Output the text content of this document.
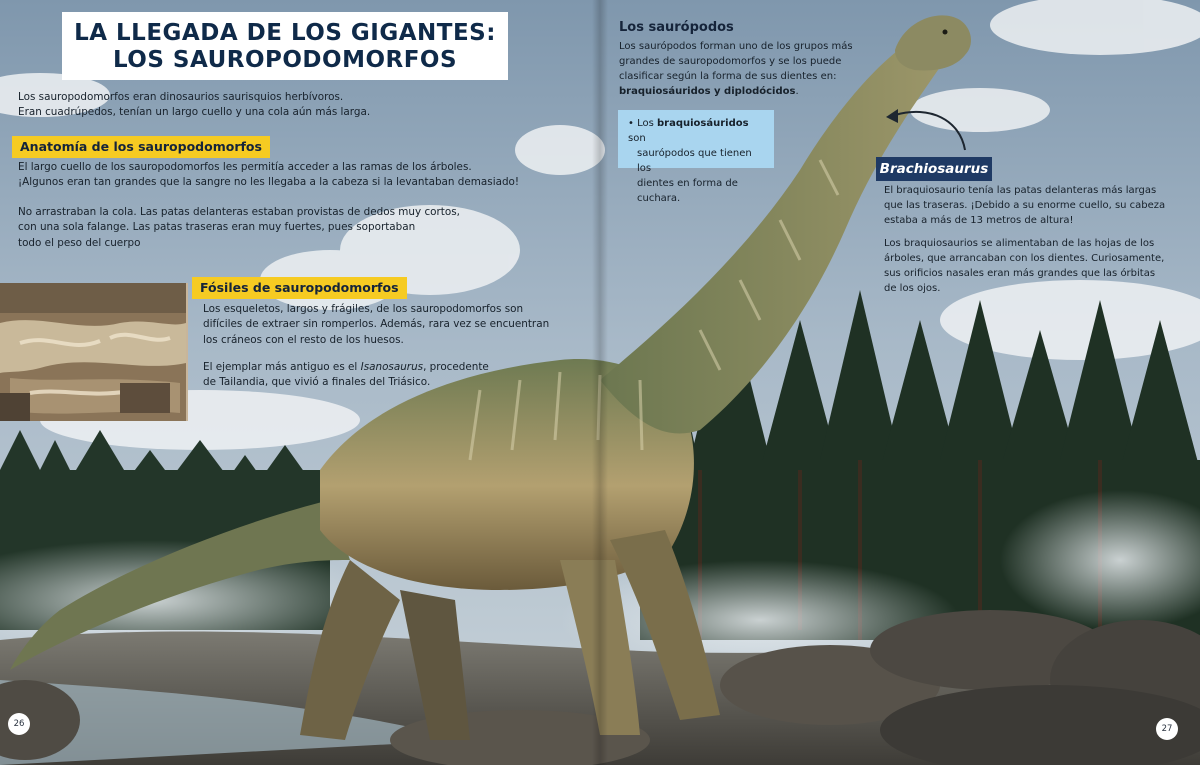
LA LLEGADA DE LOS GIGANTES:
LOS SAUROPODOMORFOS

Los sauropodomorfos eran dinosaurios saurisquios herbívoros.

Eran cuadrúpedos, tenían un largo cuello y una cola aún más larga.

Anatomía de los sauropodomorfos

El largo cuello de los sauropodomorfos les permitía acceder a las ramas de los árboles.

¡Algunos eran tan grandes que la sangre no les llegaba a la cabeza si la levantaban demasiado!

No arrastraban la cola. Las patas delanteras estaban provistas de dedos muy cortos,

con una sola falange. Las patas traseras eran muy fuertes, pues soportaban

todo el peso del cuerpo

Fósiles de sauropodomorfos

Los esqueletos, largos y frágiles, de los sauropodomorfos son

difíciles de extraer sin romperlos. Además, rara vez se encuentran

los cráneos con el resto de los huesos.

El ejemplar más antiguo es el Isanosaurus, procedente

de Tailandia, que vivió a finales del Triásico.

Los saurópodos

Los saurópodos forman uno de los grupos más

grandes de sauropodomorfos y se los puede

clasificar según la forma de sus dientes en:

braquiosáuridos y diplodócidos.

• Los braquiosáuridos son
saurópodos que tienen los
dientes en forma de cuchara.
Brachiosaurus

El braquiosaurio tenía las patas delanteras más largas

que las traseras. ¡Debido a su enorme cuello, su cabeza

estaba a más de 13 metros de altura!

Los braquiosaurios se alimentaban de las hojas de los

árboles, que arrancaban con los dientes. Curiosamente,

sus orificios nasales eran más grandes que las órbitas

de los ojos.

26	27
